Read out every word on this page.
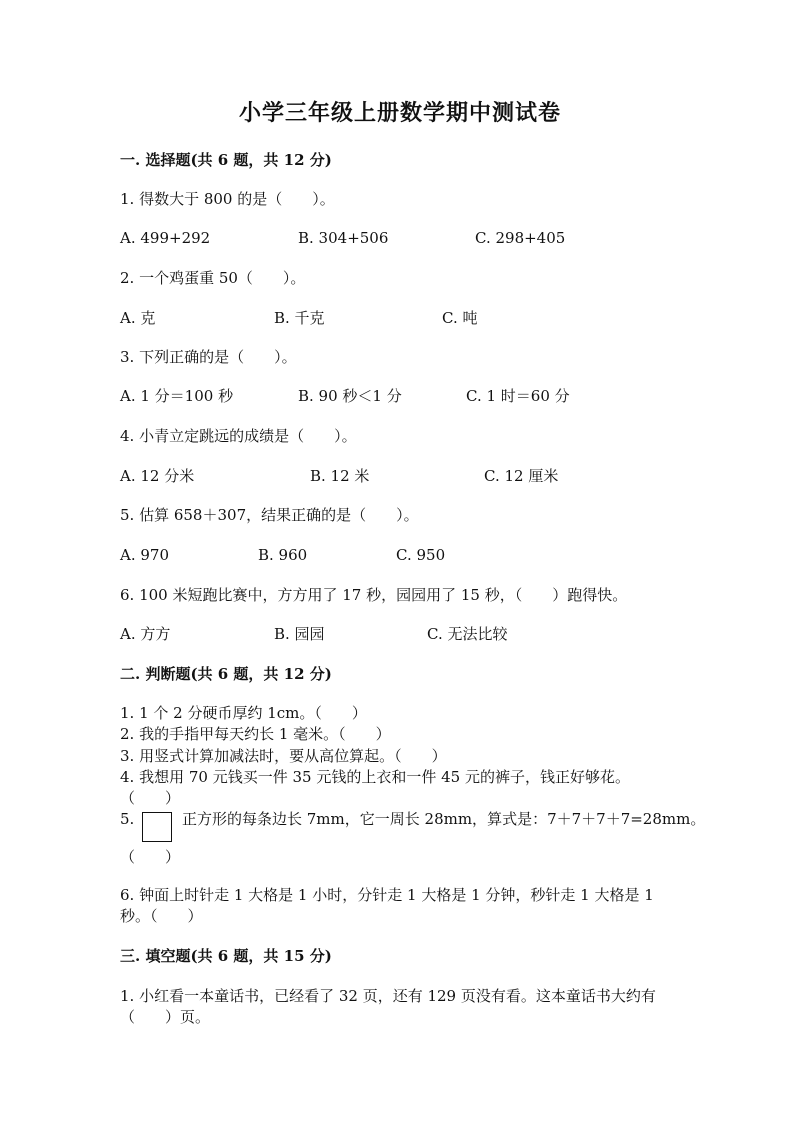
小学三年级上册数学期中测试卷
一. 选择题(共 6 题，共 12 分)
1. 得数大于 800 的是（　　）。
A. 499+292	B. 304+506	C. 298+405
2. 一个鸡蛋重 50（　　）。
A. 克	B. 千克	C. 吨
3. 下列正确的是（　　）。
A. 1 分＝100 秒	B. 90 秒＜1 分	C. 1 时＝60 分
4. 小青立定跳远的成绩是（　　）。
A. 12 分米	B. 12 米	C. 12 厘米
5. 估算 658＋307，结果正确的是（　　）。
A. 970	B. 960	C. 950
6. 100 米短跑比赛中，方方用了 17 秒，园园用了 15 秒，（　　）跑得快。
A. 方方	B. 园园	C. 无法比较
二. 判断题(共 6 题，共 12 分)
1. 1 个 2 分硬币厚约 1cm。（　　）
2. 我的手指甲每天约长 1 毫米。（　　）
3. 用竖式计算加减法时，要从高位算起。（　　）
4. 我想用 70 元钱买一件 35 元钱的上衣和一件 45 元的裤子，钱正好够花。
（　　）
5.	正方形的每条边长 7mm，它一周长 28mm，算式是：7＋7＋7＋7=28mm。
（　　）
6. 钟面上时针走 1 大格是 1 小时，分针走 1 大格是 1 分钟，秒针走 1 大格是 1
秒。（　　）
三. 填空题(共 6 题，共 15 分)
1. 小红看一本童话书，已经看了 32 页，还有 129 页没有看。这本童话书大约有
（　　）页。
